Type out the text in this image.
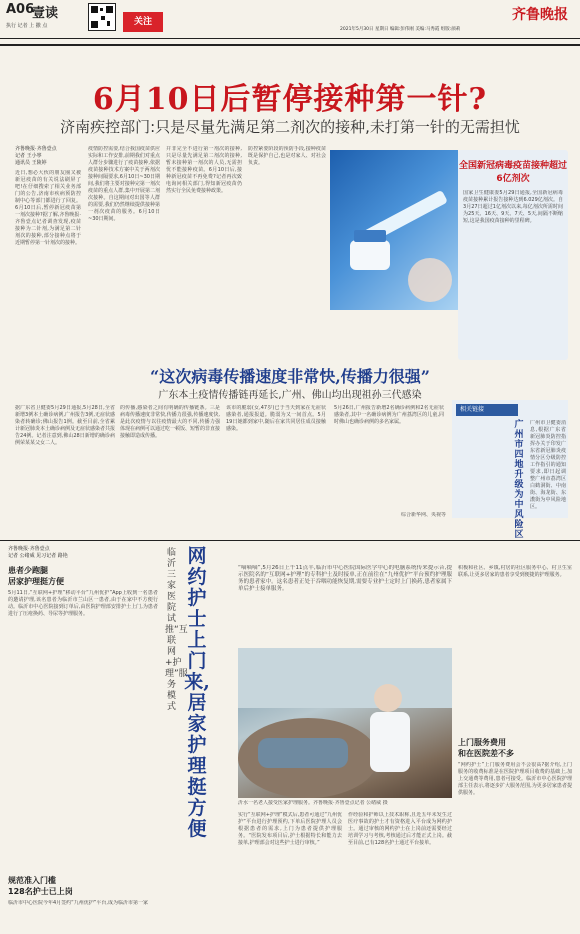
A06
壹读
执行 记者 上 撒 点	关注	齐鲁晚报
2021年5月30日 星期日 编辑:彭伟刚 美编:马秀霞 组版:颜莉
6月10日后暂停接种第一针?
济南疾控部门:只是尽量先满足第二剂次的接种,未打第一针的无需担忧
齐鲁晚报·齐鲁壹点
记者 王小寧
通讯员 王陵婷
近日,想必大伙的朋友圈又被新冠疫苗的有关说法刷屏了吧!在仔细搜索了相关业务部门的公告,济南市疾病预防控制中心等部门都进行了回复。6月10日后,暂停新冠疫苗第一剂次接种?据了解,齐鲁晚报·齐鲁壹点记者调查发现,疫苗接种为二针剂,为满足第二针剂次的接种,部分接种点将于近期暂停第一针剂次的接种。
疫情防控需要,结合我国疫苗供应实际和工作安排,前期我们对重点人群分步骤进行了疫苗接种,依据疫苗接种技术方案中关于两剂次接种间隔要求,6月10日~30日期间,我们将主要对接种完第一剂次疫苗的重点人群,集中开展第二剂次接种。自这期间对出国等人群的需要,我们仍然继续提供接种第一剂次疫苗的服务。6月10日~30日期间。
并非完全不进行第一剂次的接种,只是尽量先满足第二剂次的接种,暂未接种第一剂次的人员,无需担忧不能接种疫苗。6月10日后,接种新冠疫苗不再免费?记者再次致电询问相关部门,得知新冠疫苗仍然实行全民免费接种政策。
防控紧要阶段的预防手段,接种疫苗既是保护自己,也是对家人、对社会负责。	全国新冠病毒疫苗接种超过6亿剂次
国家卫生健康委5月29日通报,全国新冠病毒疫苗接种累计报告接种达到6.029亿剂次。自3月27日超过1亿剂次以来,每亿剂次所需时间为25天、16天、9天、7天、5天,间隔不断缩短,这是我国疫苗接种的里程碑。
“这次病毒传播速度非常快,传播力很强”
广东本土疫情传播链再延长,广州、佛山均出现祖孙三代感染
据广东省卫健委5月29日通报,5月28日,全省新增3例本土确诊病例,广州报告3例,无症状感染者转确诊;佛山报告1例。截至目前,全省累计新冠肺炎本土确诊病例及无症状感染者共报告24例。记者注意到,佛山28日新增的确诊病例荣某某父女二人。
的传播,感染者之间有明确的传播链条。三是病毒传播速度非常快,传播力很强,传播速度快,是此次疫情与以往疫情最大的不同,传播力强体现在病例可以通过吃一顿饭、短暂的非直接接触即造成传播。
该市的脆弱(女,47岁)已于当天到家在无症状感染者,通报报道。脆弱为又一间首点。5月19日她都到家中,随后在家共同居住成员接触感染。
5月26日,广州报告新增2名确诊病例和2名无症状感染者,其中一名确诊病例为广州荔湾区的儿童,同时佛山也确诊病例的多名家属。
综合新华网、央视等
相关链接
广州市四地升级为中风险区
广州市卫健委消息,根据广东省新冠肺炎防控指挥办关于印发广东省新冠肺炎疫情分区分级防控工作指引的通知要求,即日起调整广州市荔湾区白鹤洞街、中南街、海龙街、东漖街为中风险地区。
齐鲁晚报·齐鲁壹点
记者 公绪威 见习记者 路艳
患者少跑腿
居家护理挺方便
5月11日,“互联网+护理”移动平台“九州优护”App上收到一名患者的邀请护理,该名患者为临沂市兰山区一患者,由于在家中不方便行动。临沂市中心医院接到订单后,由医院护理部安排护士上门,为患者进行了压疮换药、导尿等护理服务。
规范准入门槛
128名护士已上岗
临沂市中心医院今年4月签约“九州优护”平台,成为临沂市第一家
临沂三家医院试推“互联网+护理”服务模式
网约护士上门来,居家护理挺方便
“嘀嘀嘀”,5月26日上午11点半,临沂市中心医院国际医学中心的电脑系统传来提示音,提示医院名的“互联网+护理”的专科护士及时接单,正在前往在“九州优护”平台预约护理服务的患者家中。这名患者正处于吞咽功能恢复期,需要专业护士定时上门换药,患者家属下单后护士接单服务。
沂水一名老人接受医家护理服务。齐鲁晚报·齐鲁壹点记者 公绪威 摄
实行“互联网+护理”模式后,患者可通过“九州优护”平台进行护理预约,下单后医院护理人员会根据患者的需求,上门为患者提供护理服务。“医院发布项目后,护士根据特长和能力去接单,护理部会对这些护士进行审核。”
作经验和护师以上技术职称,且近五年未发生过医疗事故的护士才有资格进入平台成为网约护士。通过审核的网约护士在上岗前还需要经过培训学习与考核,考核通过后才能正式上岗。截至目前,已有128名护士通过平台接单。
积极和社区、乡镇,村居的社区服务中心、村卫生室联系,让更多居家的患者享受到便捷的护理服务。
上门服务费用
和在医院差不多
“网约护士”上门服务费用会不会很高?据介绍,上门服务的收费标准是在医院护理项目收费的基础上,加上交通费等费用,患者可接受。临沂市中心医院护理部主任表示,将逐步扩大服务范围,为更多居家患者提供服务。
